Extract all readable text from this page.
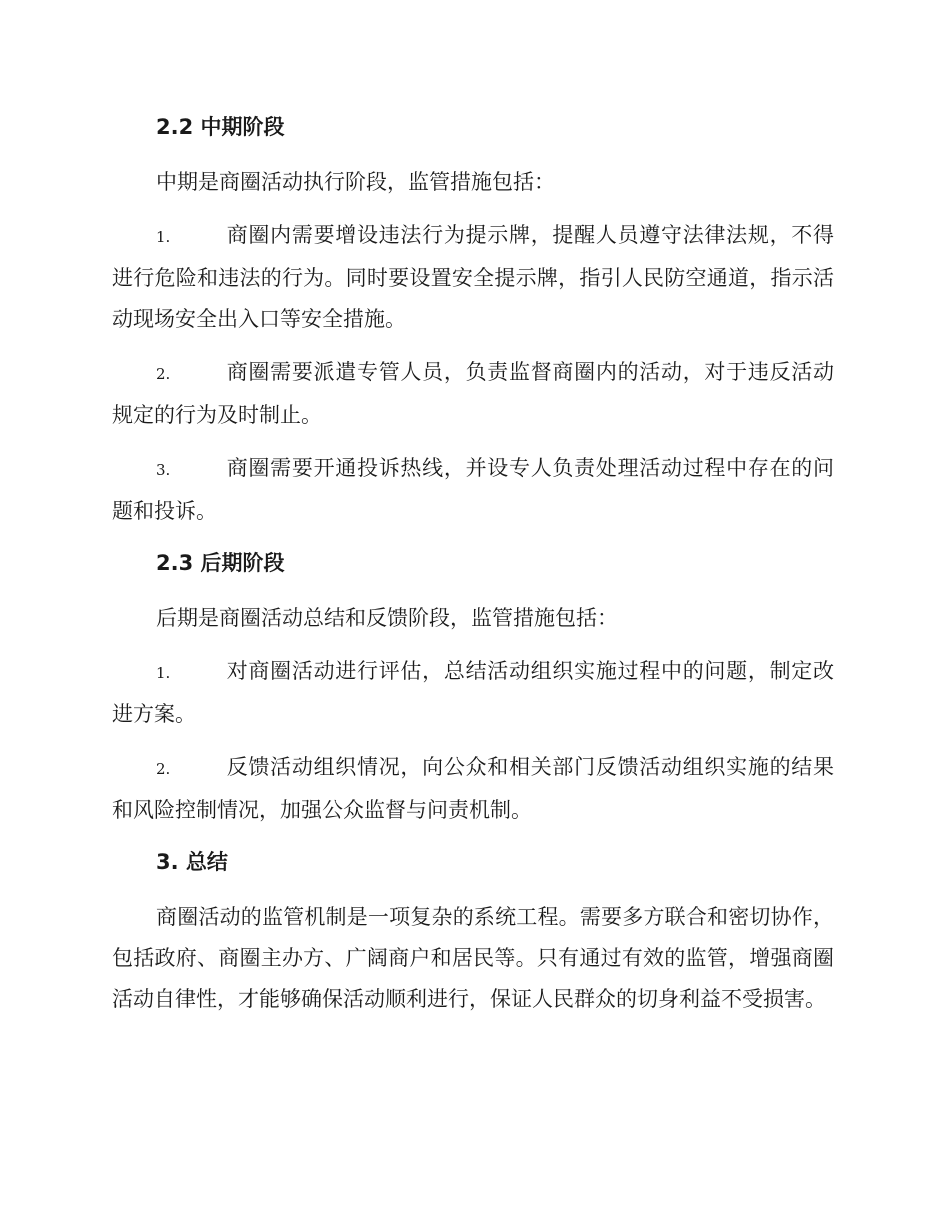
2.2 中期阶段

中期是商圈活动执行阶段，监管措施包括：

1.	商圈内需要增设违法行为提示牌，提醒人员遵守法律法规，不得进行危险和违法的行为。同时要设置安全提示牌，指引人民防空通道，指示活动现场安全出入口等安全措施。

2.	商圈需要派遣专管人员，负责监督商圈内的活动，对于违反活动规定的行为及时制止。

3.	商圈需要开通投诉热线，并设专人负责处理活动过程中存在的问题和投诉。

2.3 后期阶段

后期是商圈活动总结和反馈阶段，监管措施包括：

1.	对商圈活动进行评估，总结活动组织实施过程中的问题，制定改进方案。

2.	反馈活动组织情况，向公众和相关部门反馈活动组织实施的结果和风险控制情况，加强公众监督与问责机制。

3. 总结

商圈活动的监管机制是一项复杂的系统工程。需要多方联合和密切协作，包括政府、商圈主办方、广阔商户和居民等。只有通过有效的监管，增强商圈活动自律性，才能够确保活动顺利进行，保证人民群众的切身利益不受损害。
